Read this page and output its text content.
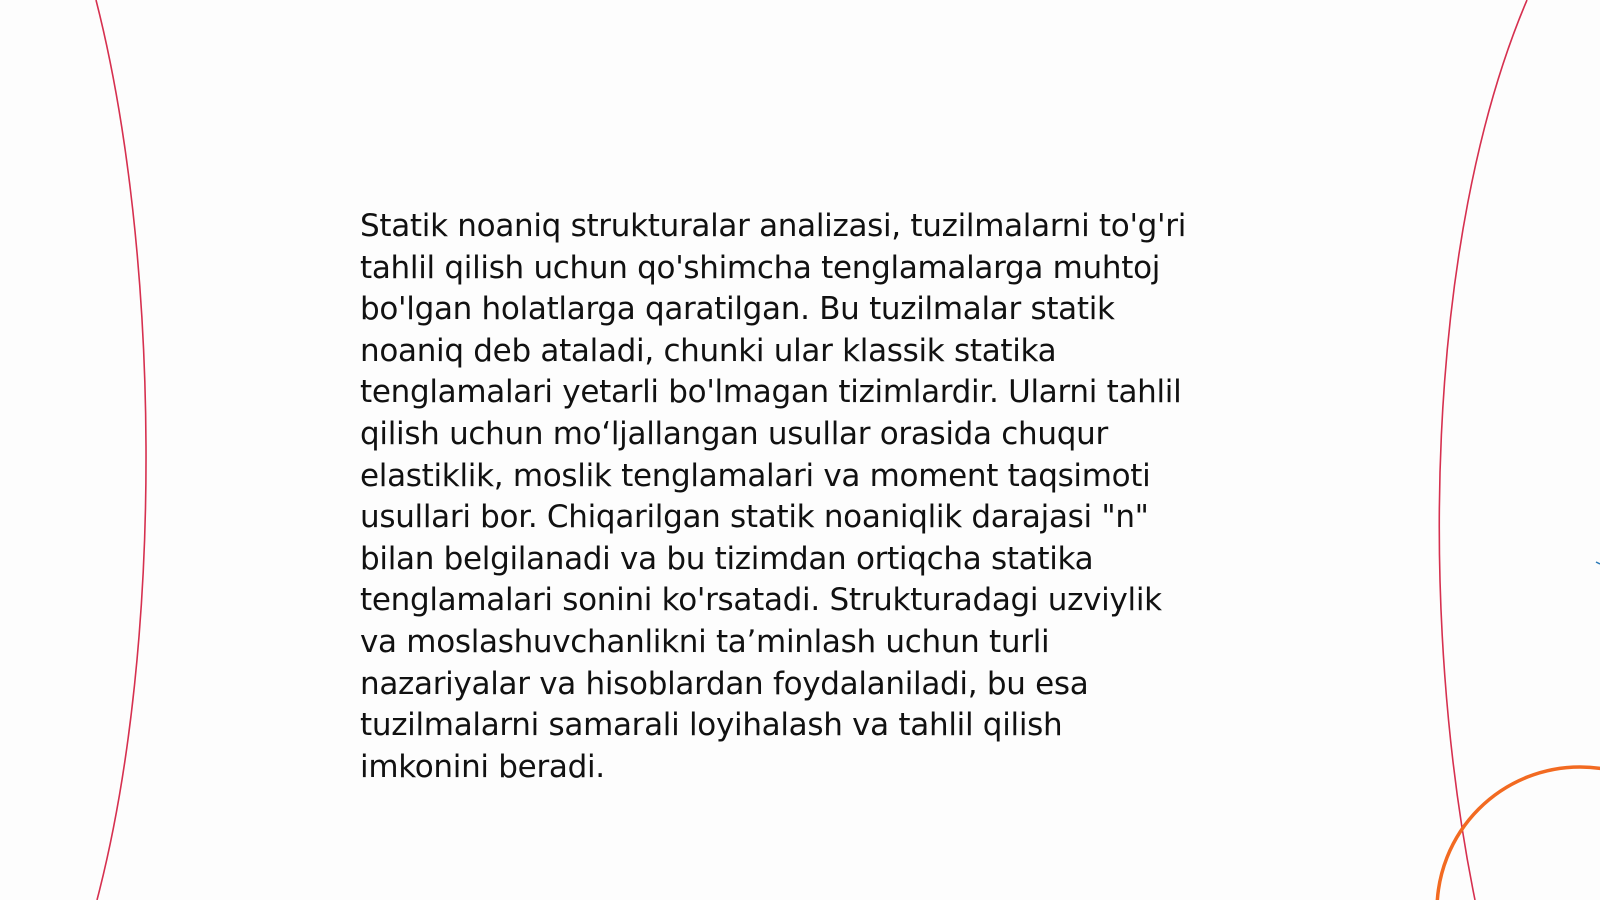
Statik noaniq strukturalar analizasi, tuzilmalarni to'g'ri
tahlil qilish uchun qo'shimcha tenglamalarga muhtoj
bo'lgan holatlarga qaratilgan. Bu tuzilmalar statik
noaniq deb ataladi, chunki ular klassik statika
tenglamalari yetarli bo'lmagan tizimlardir. Ularni tahlil
qilish uchun mo‘ljallangan usullar orasida chuqur
elastiklik, moslik tenglamalari va moment taqsimoti
usullari bor. Chiqarilgan statik noaniqlik darajasi "n"
bilan belgilanadi va bu tizimdan ortiqcha statika
tenglamalari sonini ko'rsatadi. Strukturadagi uzviylik
va moslashuvchanlikni ta’minlash uchun turli
nazariyalar va hisoblardan foydalaniladi, bu esa
tuzilmalarni samarali loyihalash va tahlil qilish
imkonini beradi.
